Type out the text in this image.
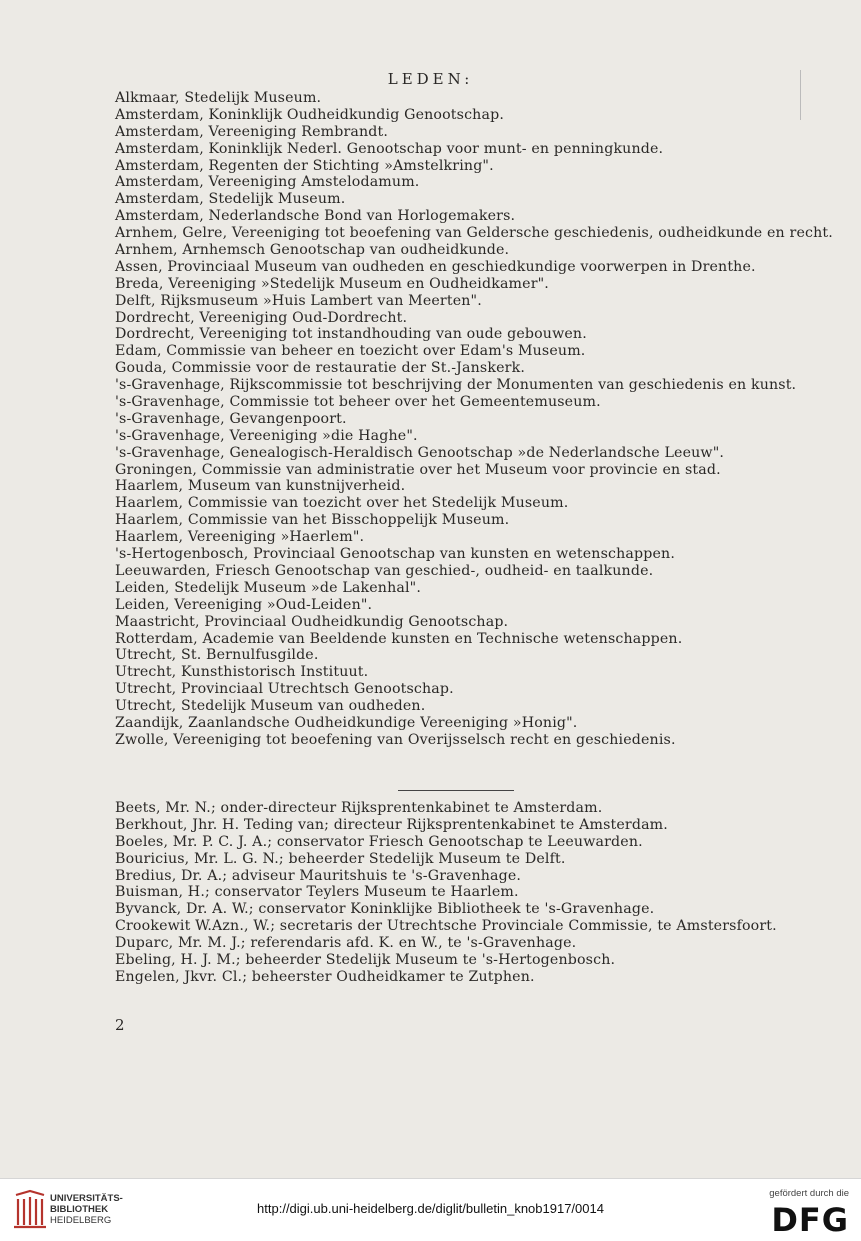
LEDEN:
Alkmaar, Stedelijk Museum.
Amsterdam, Koninklijk Oudheidkundig Genootschap.
Amsterdam, Vereeniging Rembrandt.
Amsterdam, Koninklijk Nederl. Genootschap voor munt- en penningkunde.
Amsterdam, Regenten der Stichting »Amstelkring".
Amsterdam, Vereeniging Amstelodamum.
Amsterdam, Stedelijk Museum.
Amsterdam, Nederlandsche Bond van Horlogemakers.
Arnhem, Gelre, Vereeniging tot beoefening van Geldersche geschiedenis, oudheidkunde en recht.
Arnhem, Arnhemsch Genootschap van oudheidkunde.
Assen, Provinciaal Museum van oudheden en geschiedkundige voorwerpen in Drenthe.
Breda, Vereeniging »Stedelijk Museum en Oudheidkamer".
Delft, Rijksmuseum »Huis Lambert van Meerten".
Dordrecht, Vereeniging Oud-Dordrecht.
Dordrecht, Vereeniging tot instandhouding van oude gebouwen.
Edam, Commissie van beheer en toezicht over Edam's Museum.
Gouda, Commissie voor de restauratie der St.-Janskerk.
's-Gravenhage, Rijkscommissie tot beschrijving der Monumenten van geschiedenis en kunst.
's-Gravenhage, Commissie tot beheer over het Gemeentemuseum.
's-Gravenhage, Gevangenpoort.
's-Gravenhage, Vereeniging »die Haghe".
's-Gravenhage, Genealogisch-Heraldisch Genootschap »de Nederlandsche Leeuw".
Groningen, Commissie van administratie over het Museum voor provincie en stad.
Haarlem, Museum van kunstnijverheid.
Haarlem, Commissie van toezicht over het Stedelijk Museum.
Haarlem, Commissie van het Bisschoppelijk Museum.
Haarlem, Vereeniging »Haerlem".
's-Hertogenbosch, Provinciaal Genootschap van kunsten en wetenschappen.
Leeuwarden, Friesch Genootschap van geschied-, oudheid- en taalkunde.
Leiden, Stedelijk Museum »de Lakenhal".
Leiden, Vereeniging »Oud-Leiden".
Maastricht, Provinciaal Oudheidkundig Genootschap.
Rotterdam, Academie van Beeldende kunsten en Technische wetenschappen.
Utrecht, St. Bernulfusgilde.
Utrecht, Kunsthistorisch Instituut.
Utrecht, Provinciaal Utrechtsch Genootschap.
Utrecht, Stedelijk Museum van oudheden.
Zaandijk, Zaanlandsche Oudheidkundige Vereeniging »Honig".
Zwolle, Vereeniging tot beoefening van Overijsselsch recht en geschiedenis.
Beets, Mr. N.; onder-directeur Rijksprentenkabinet te Amsterdam.
Berkhout, Jhr. H. Teding van; directeur Rijksprentenkabinet te Amsterdam.
Boeles, Mr. P. C. J. A.; conservator Friesch Genootschap te Leeuwarden.
Bouricius, Mr. L. G. N.; beheerder Stedelijk Museum te Delft.
Bredius, Dr. A.; adviseur Mauritshuis te 's-Gravenhage.
Buisman, H.; conservator Teylers Museum te Haarlem.
Byvanck, Dr. A. W.; conservator Koninklijke Bibliotheek te 's-Gravenhage.
Crookewit W.Azn., W.; secretaris der Utrechtsche Provinciale Commissie, te Amstersfoort.
Duparc, Mr. M. J.; referendaris afd. K. en W., te 's-Gravenhage.
Ebeling, H. J. M.; beheerder Stedelijk Museum te 's-Hertogenbosch.
Engelen, Jkvr. Cl.; beheerster Oudheidkamer te Zutphen.
2
UNIVERSITÄTS-
BIBLIOTHEK
HEIDELBERG
http://digi.ub.uni-heidelberg.de/diglit/bulletin_knob1917/0014
gefördert durch die
DFG
